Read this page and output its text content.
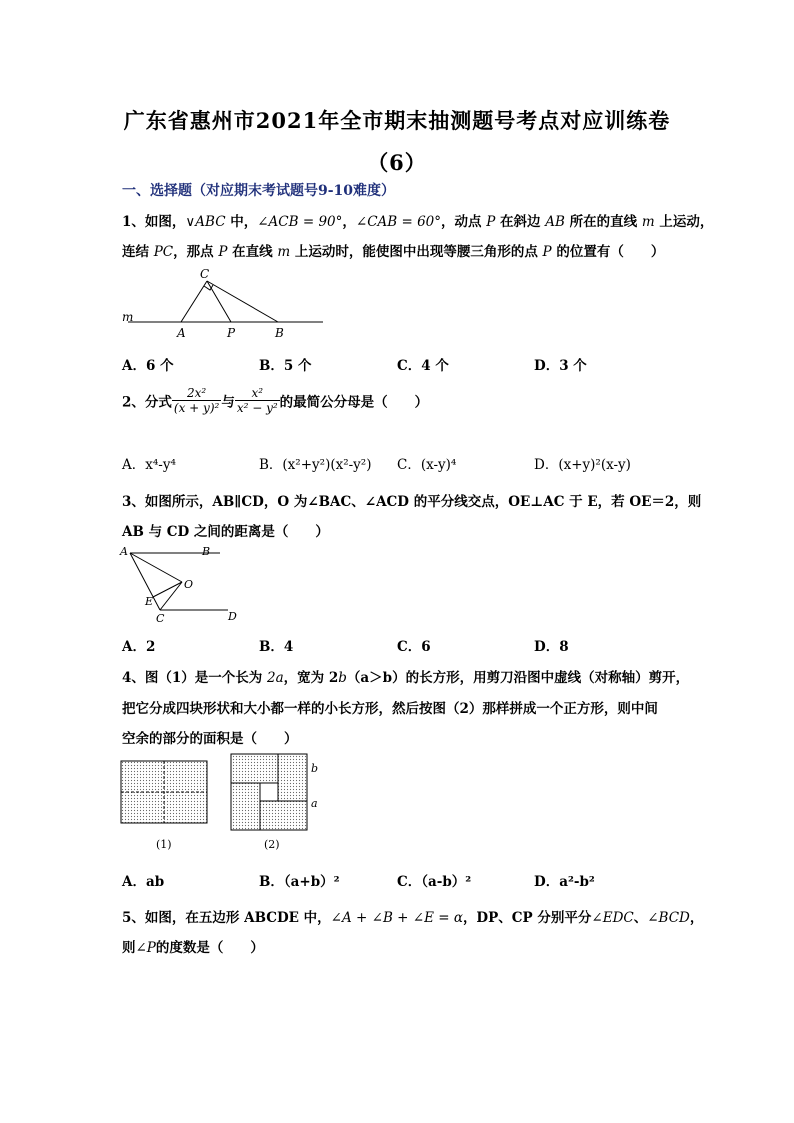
广东省惠州市2021年全市期末抽测题号考点对应训练卷
（6）
一、选择题（对应期末考试题号9-10难度）
1、如图，∨ABC 中，∠ACB = 90°，∠CAB = 60°，动点 P 在斜边 AB 所在的直线 m 上运动，
连结 PC，那点 P 在直线 m 上运动时，能使图中出现等腰三角形的点 P 的位置有（　　）
C
m
A	P	B
A．6 个	B．5 个	C．4 个	D．3 个
2、分式 $\frac{\text{2x²}}{\text{(x + y)²}}$ 与 $\frac{\text{x²}}{\text{x² − y²}}$ 的最简公分母是（　　）
A．x⁴-y⁴	B．(x²+y²)(x²-y²) C．(x-y)⁴	D．(x+y)²(x-y)
3、如图所示，AB∥CD，O 为∠BAC、∠ACD 的平分线交点，OE⊥AC 于 E，若 OE＝2，则
AB 与 CD 之间的距离是（　　）
A	B
O
E
C	D
A．2	B．4	C．6	D．8
4、图（1）是一个长为 2a，宽为 2b（a＞b）的长方形，用剪刀沿图中虚线（对称轴）剪开，
把它分成四块形状和大小都一样的小长方形，然后按图（2）那样拼成一个正方形，则中间
空余的部分的面积是（　　）
(1)
b
a
(2)
A．ab	B．（a+b）²	C．（a-b）²	D．a²-b²
5、如图，在五边形 ABCDE 中，∠A + ∠B + ∠E = α，DP、CP 分别平分∠EDC、∠BCD，
则∠P的度数是（　　）
